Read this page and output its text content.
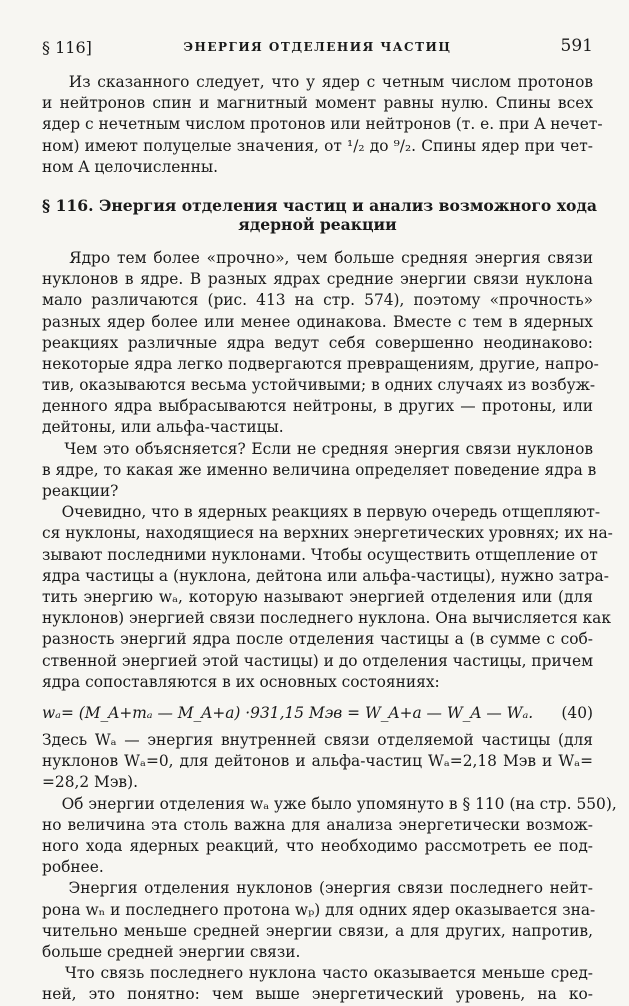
§ 116]	ЭНЕРГИЯ ОТДЕЛЕНИЯ ЧАСТИЦ	591
Из сказанного следует, что у ядер с четным числом протонов
и нейтронов спин и магнитный момент равны нулю. Спины всех
ядер с нечетным числом протонов или нейтронов (т. е. при A нечет-
ном) имеют полуцелые значения, от ¹/₂ до ⁹/₂. Спины ядер при чет-
ном A целочисленны.
§ 116. Энергия отделения частиц и анализ возможного хода
ядерной реакции
Ядро тем более «прочно», чем больше средняя энергия связи
нуклонов в ядре. В разных ядрах средние энергии связи нуклона
мало различаются (рис. 413 на стр. 574), поэтому «прочность»
разных ядер более или менее одинакова. Вместе с тем в ядерных
реакциях различные ядра ведут себя совершенно неодинаково:
некоторые ядра легко подвергаются превращениям, другие, напро-
тив, оказываются весьма устойчивыми; в одних случаях из возбуж-
денного ядра выбрасываются нейтроны, в других — протоны, или
дейтоны, или альфа-частицы.
Чем это объясняется? Если не средняя энергия связи нуклонов
в ядре, то какая же именно величина определяет поведение ядра в
реакции?
Очевидно, что в ядерных реакциях в первую очередь отщепляют-
ся нуклоны, находящиеся на верхних энергетических уровнях; их на-
зывают последними нуклонами. Чтобы осуществить отщепление от
ядра частицы a (нуклона, дейтона или альфа-частицы), нужно затра-
тить энергию wₐ, которую называют энергией отделения или (для
нуклонов) энергией связи последнего нуклона. Она вычисляется как
разность энергий ядра после отделения частицы a (в сумме с соб-
ственной энергией этой частицы) и до отделения частицы, причем
ядра сопоставляются в их основных состояниях:
wₐ= (M_A+mₐ — M_A+a) ·931,15 Мэв = W_A+a — W_A — Wₐ. (40)
Здесь Wₐ — энергия внутренней связи отделяемой частицы (для
нуклонов Wₐ=0, для дейтонов и альфа-частиц Wₐ=2,18 Мэв и Wₐ=
=28,2 Мэв).
Об энергии отделения wₐ уже было упомянуто в § 110 (на стр. 550),
но величина эта столь важна для анализа энергетически возмож-
ного хода ядерных реакций, что необходимо рассмотреть ее под-
робнее.
Энергия отделения нуклонов (энергия связи последнего нейт-
рона wₙ и последнего протона wₚ) для одних ядер оказывается зна-
чительно меньше средней энергии связи, а для других, напротив,
больше средней энергии связи.
Что связь последнего нуклона часто оказывается меньше сред-
ней, это понятно: чем выше энергетический уровень, на ко-
